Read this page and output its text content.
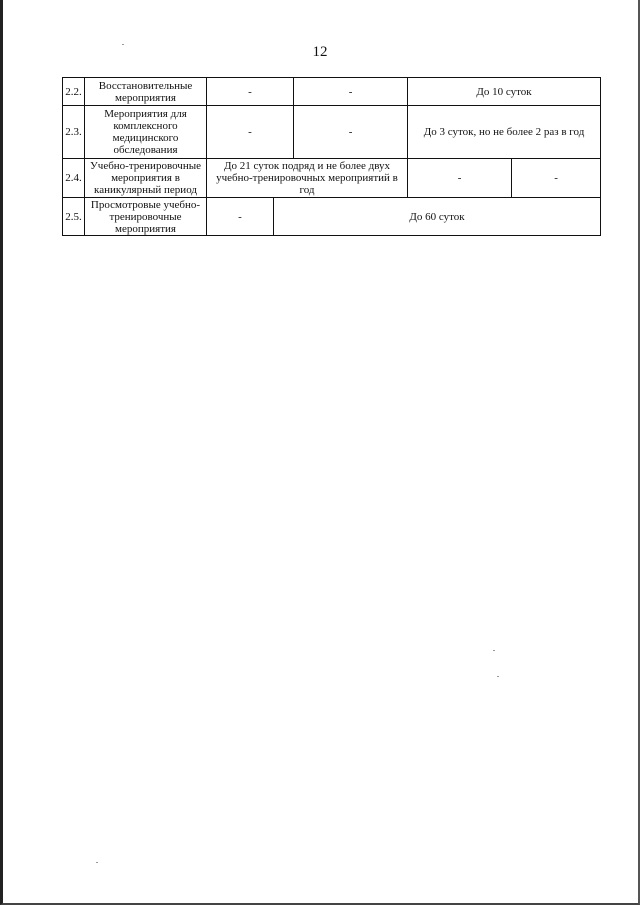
12
2.2.	Восстановительные мероприятия	-		-	До 10 суток	
2.3.	Мероприятия для комплексного медицинского обследования	-		-	До 3 суток, но не более 2 раз в год	
2.4.	Учебно-тренировочные мероприятия в каникулярный период	До 21 суток подряд и не более двух учебно-тренировочных мероприятий в год			-	-
2.5.	Просмотровые учебно-тренировочные мероприятия	-	До 60 суток			
